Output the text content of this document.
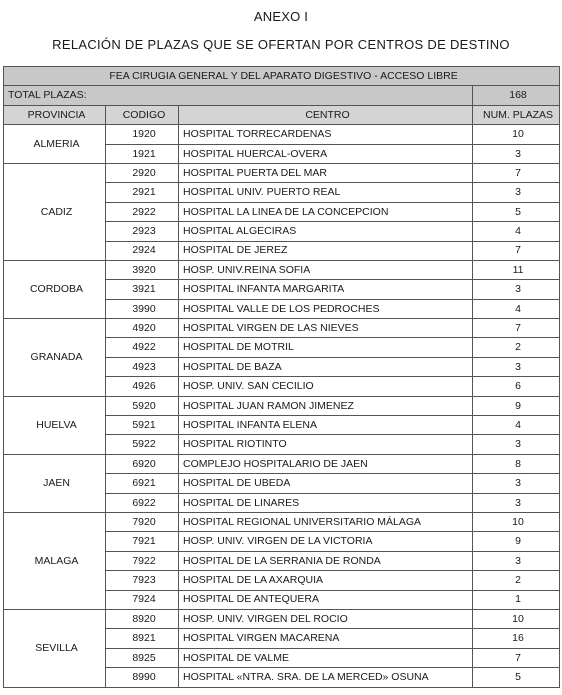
ANEXO I
RELACIÓN DE PLAZAS QUE SE OFERTAN POR CENTROS DE DESTINO
FEA CIRUGIA GENERAL Y DEL APARATO DIGESTIVO - ACCESO LIBRE			
TOTAL PLAZAS:			168
PROVINCIA	CODIGO	CENTRO	NUM. PLAZAS
ALMERIA	1920	HOSPITAL TORRECARDENAS	10
	1921	HOSPITAL HUERCAL-OVERA	3
CADIZ	2920	HOSPITAL PUERTA DEL MAR	7
	2921	HOSPITAL UNIV. PUERTO REAL	3
	2922	HOSPITAL LA LINEA DE LA CONCEPCION	5
	2923	HOSPITAL ALGECIRAS	4
	2924	HOSPITAL DE JEREZ	7
CORDOBA	3920	HOSP. UNIV.REINA SOFIA	11
	3921	HOSPITAL INFANTA MARGARITA	3
	3990	HOSPITAL VALLE DE LOS PEDROCHES	4
GRANADA	4920	HOSPITAL VIRGEN DE LAS NIEVES	7
	4922	HOSPITAL DE MOTRIL	2
	4923	HOSPITAL DE BAZA	3
	4926	HOSP. UNIV. SAN CECILIO	6
HUELVA	5920	HOSPITAL JUAN RAMON JIMENEZ	9
	5921	HOSPITAL INFANTA ELENA	4
	5922	HOSPITAL RIOTINTO	3
JAEN	6920	COMPLEJO HOSPITALARIO DE JAEN	8
	6921	HOSPITAL DE UBEDA	3
	6922	HOSPITAL DE LINARES	3
MALAGA	7920	HOSPITAL REGIONAL UNIVERSITARIO MÁLAGA	10
	7921	HOSP. UNIV. VIRGEN DE LA VICTORIA	9
	7922	HOSPITAL DE LA SERRANIA DE RONDA	3
	7923	HOSPITAL DE LA AXARQUIA	2
	7924	HOSPITAL DE ANTEQUERA	1
SEVILLA	8920	HOSP. UNIV. VIRGEN DEL ROCIO	10
	8921	HOSPITAL VIRGEN MACARENA	16
	8925	HOSPITAL DE VALME	7
	8990	HOSPITAL «NTRA. SRA. DE LA MERCED» OSUNA	5
